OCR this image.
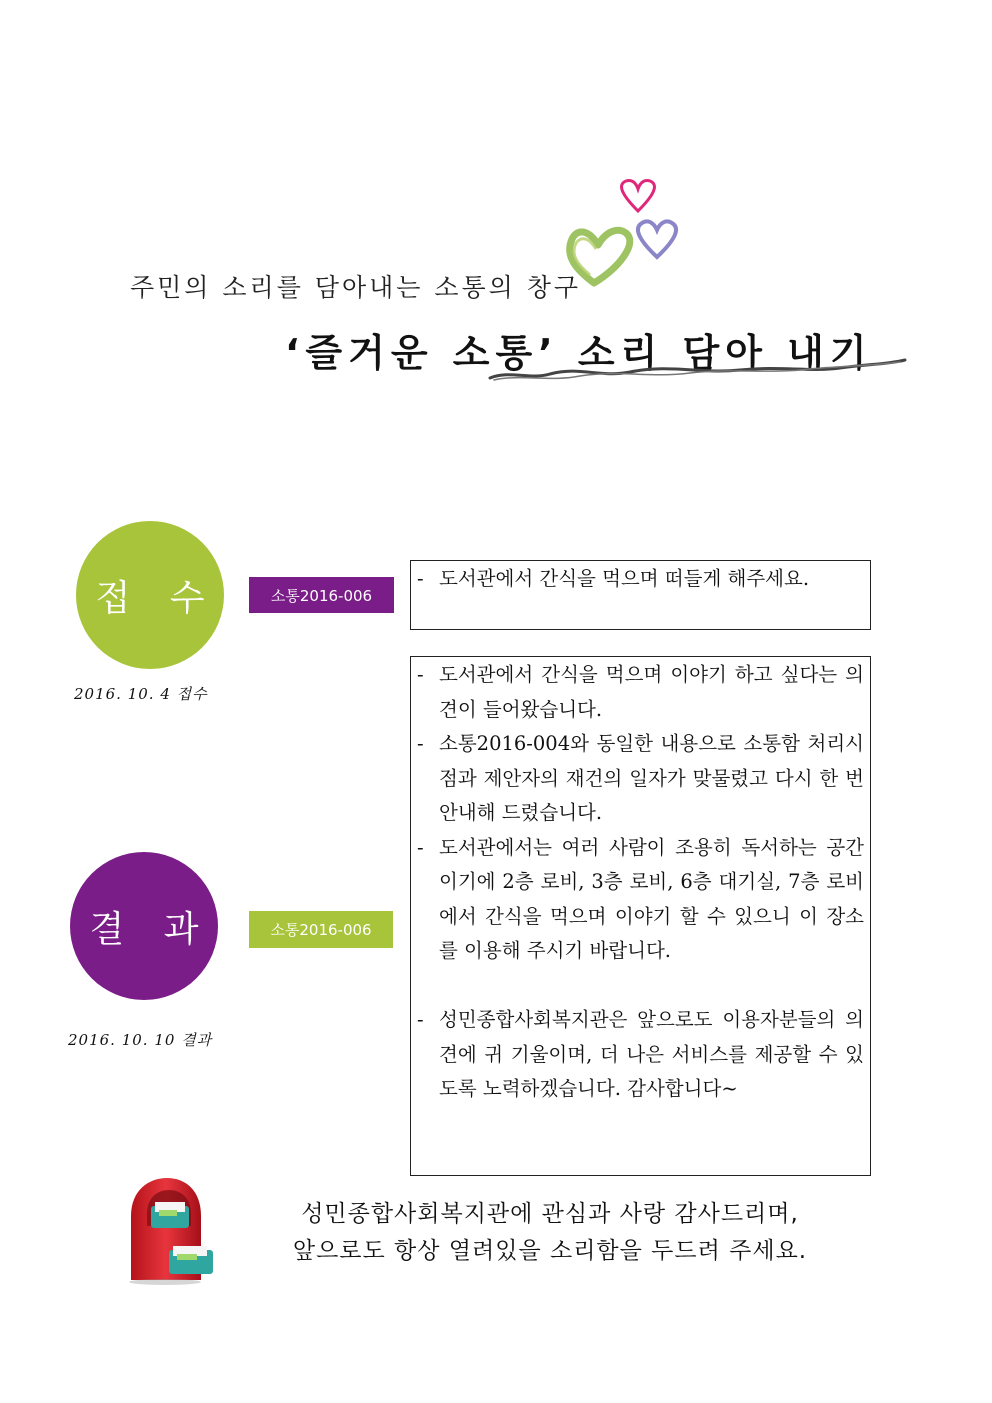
주민의 소리를 담아내는 소통의 창구
‘즐거운 소통’ 소리 담아 내기
접 수
2016. 10. 4 접수
소통2016-006
- 도서관에서 간식을 먹으며 떠들게 해주세요.
결 과
2016. 10. 10 결과
소통2016-006
- 도서관에서 간식을 먹으며 이야기 하고 싶다는 의견이 들어왔습니다.
- 소통2016-004와 동일한 내용으로 소통함 처리시점과 제안자의 재건의 일자가 맞물렸고 다시 한 번 안내해 드렸습니다.
- 도서관에서는 여러 사람이 조용히 독서하는 공간이기에 2층 로비, 3층 로비, 6층 대기실, 7층 로비에서 간식을 먹으며 이야기 할 수 있으니 이 장소를 이용해 주시기 바랍니다.
- 성민종합사회복지관은 앞으로도 이용자분들의 의견에 귀 기울이며, 더 나은 서비스를 제공할 수 있도록 노력하겠습니다. 감사합니다~
성민종합사회복지관에 관심과 사랑 감사드리며,
앞으로도 항상 열려있을 소리함을 두드려 주세요.
